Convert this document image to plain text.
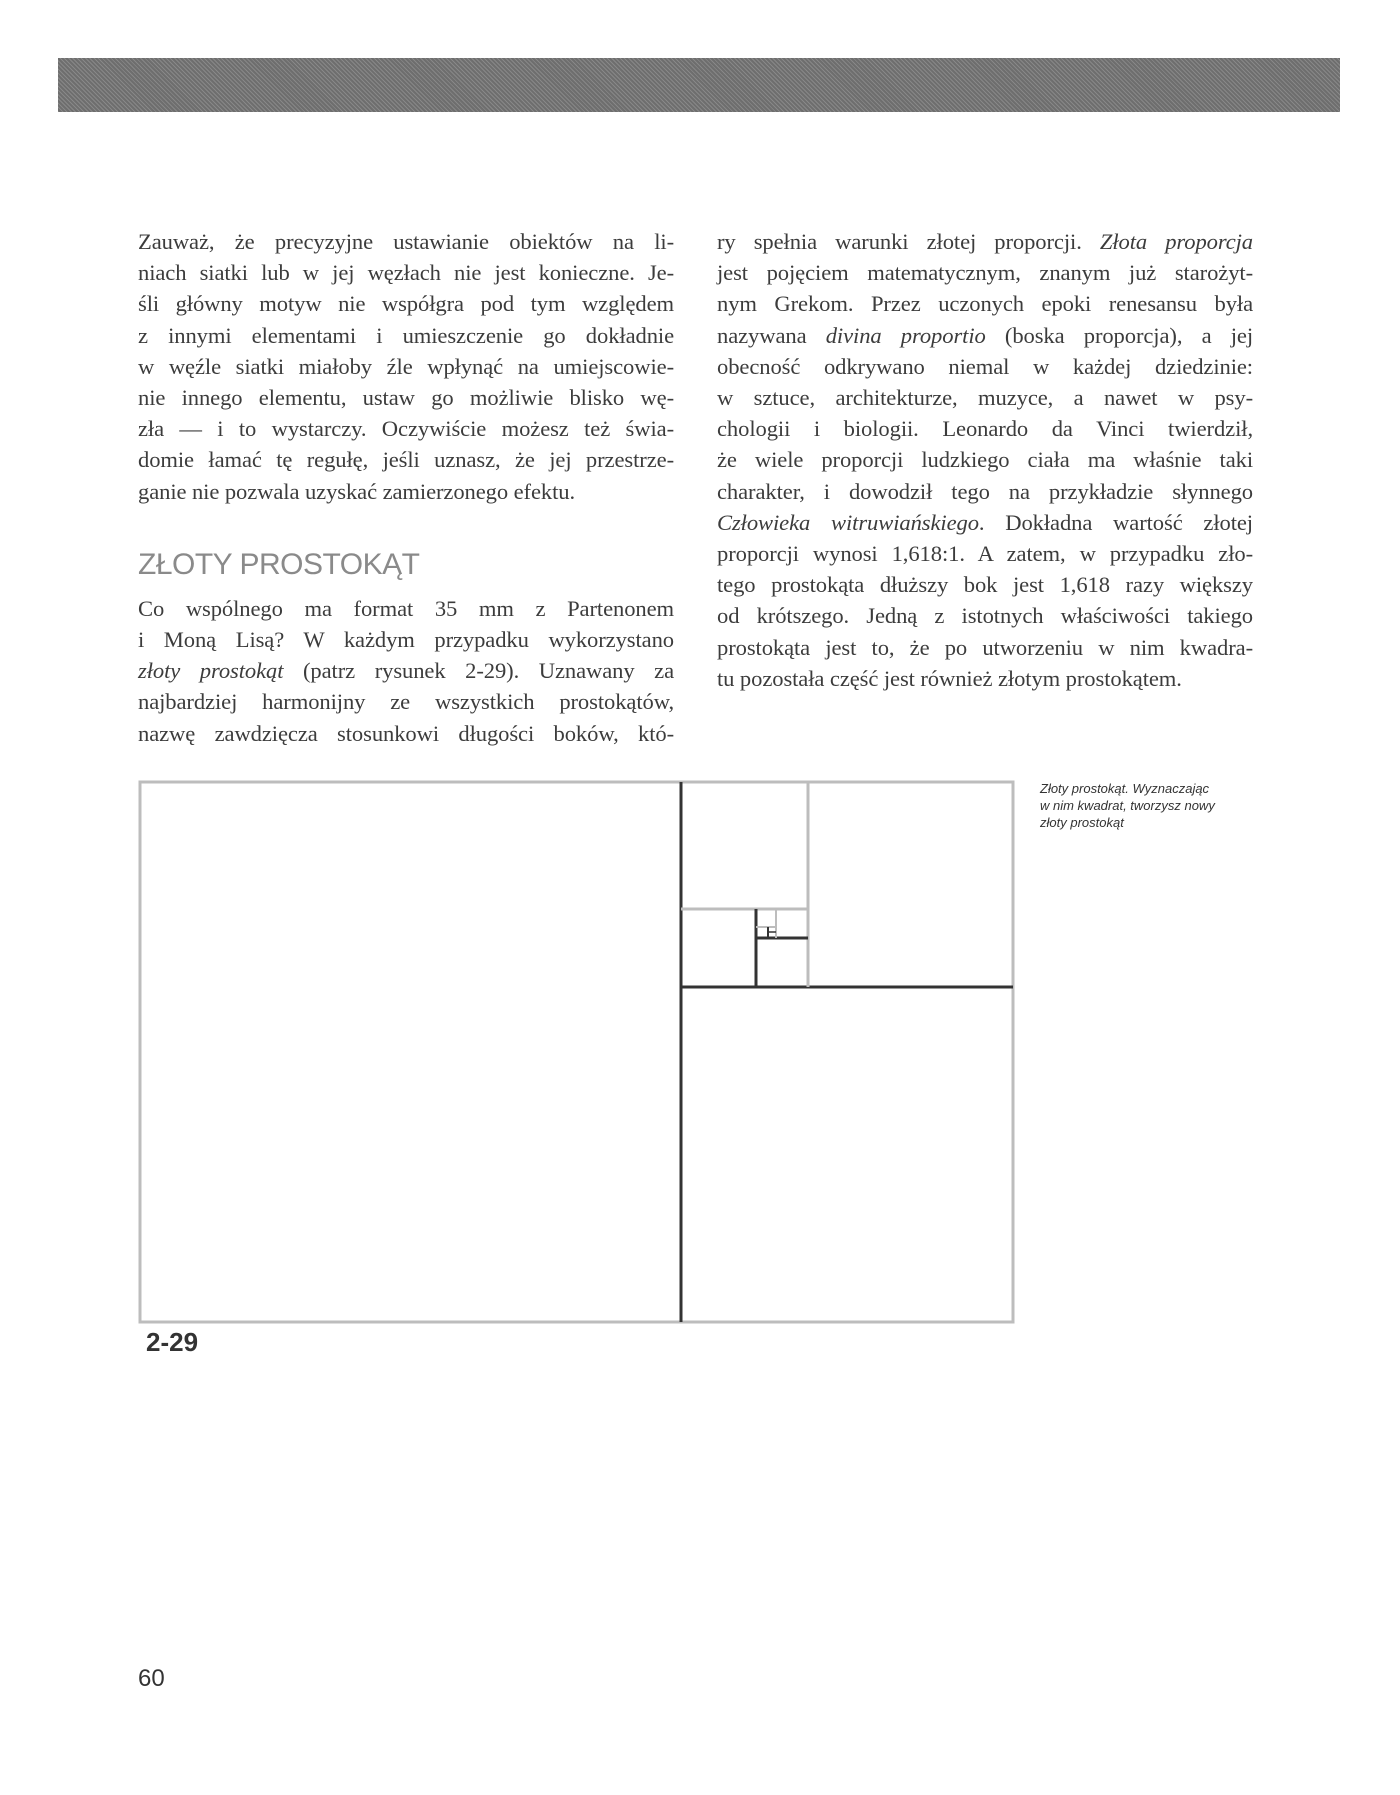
Zauważ, że precyzyjne ustawianie obiektów na li-
niach siatki lub w jej węzłach nie jest konieczne. Je-
śli główny motyw nie współgra pod tym względem
z innymi elementami i umieszczenie go dokładnie
w węźle siatki miałoby źle wpłynąć na umiejscowie-
nie innego elementu, ustaw go możliwie blisko wę-
zła — i to wystarczy. Oczywiście możesz też świa-
domie łamać tę regułę, jeśli uznasz, że jej przestrze-
ganie nie pozwala uzyskać zamierzonego efektu.

ZŁOTY PROSTOKĄT

Co wspólnego ma format 35 mm z Partenonem
i Moną Lisą? W każdym przypadku wykorzystano
złoty prostokąt (patrz rysunek 2-29). Uznawany za
najbardziej harmonijny ze wszystkich prostokątów,
nazwę zawdzięcza stosunkowi długości boków, któ-

ry spełnia warunki złotej proporcji. Złota proporcja
jest pojęciem matematycznym, znanym już starożyt-
nym Grekom. Przez uczonych epoki renesansu była
nazywana divina proportio (boska proporcja), a jej
obecność odkrywano niemal w każdej dziedzinie:
w sztuce, architekturze, muzyce, a nawet w psy-
chologii i biologii. Leonardo da Vinci twierdził,
że wiele proporcji ludzkiego ciała ma właśnie taki
charakter, i dowodził tego na przykładzie słynnego
Człowieka witruwiańskiego. Dokładna wartość złotej
proporcji wynosi 1,618:1. A zatem, w przypadku zło-
tego prostokąta dłuższy bok jest 1,618 razy większy
od krótszego. Jedną z istotnych właściwości takiego
prostokąta jest to, że po utworzeniu w nim kwadra-
tu pozostała część jest również złotym prostokątem.

Złoty prostokąt. Wyznaczając
w nim kwadrat, tworzysz nowy
złoty prostokąt
2-29
60
